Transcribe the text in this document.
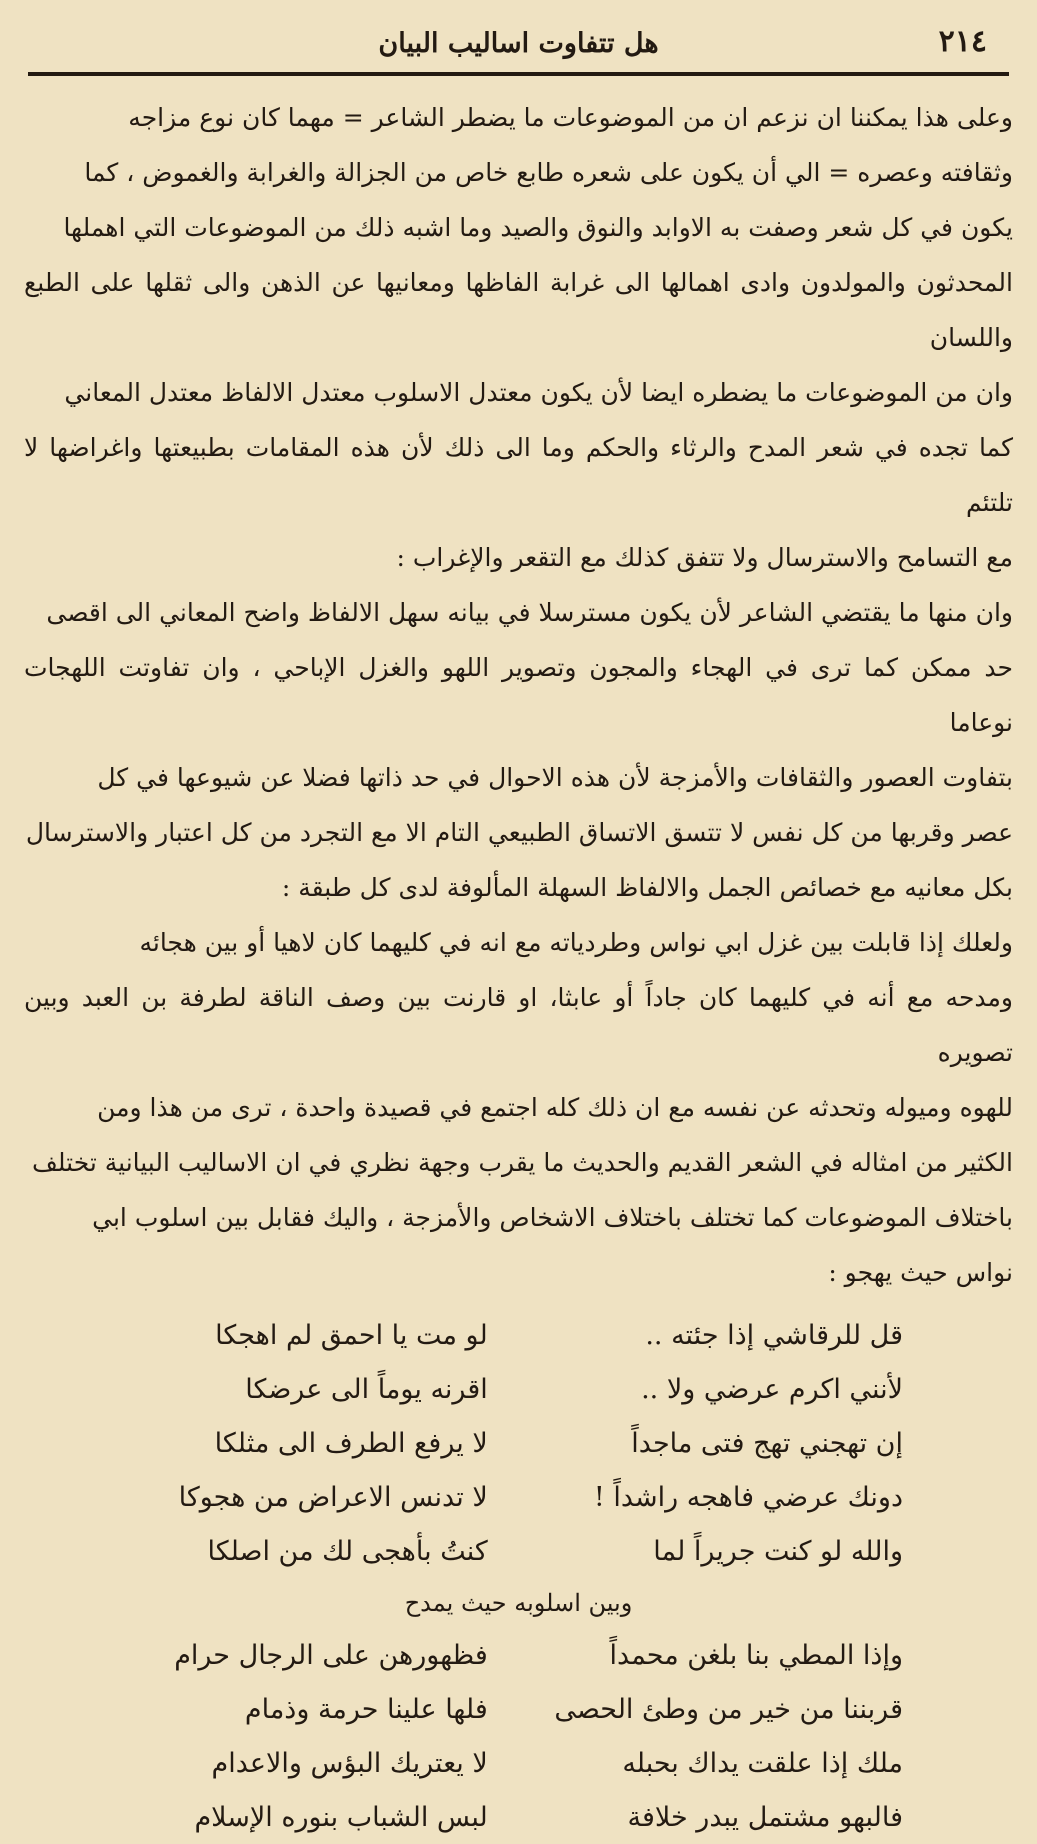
٢١٤
هل تتفاوت اساليب البيان

وعلى هذا يمكننا ان نزعم ان من الموضوعات ما يضطر الشاعر = مهما كان نوع مزاجه

وثقافته وعصره = الي أن يكون على شعره طابع خاص من الجزالة والغرابة والغموض ، كما

يكون في كل شعر وصفت به الاوابد والنوق والصيد وما اشبه ذلك من الموضوعات التي اهملها

المحدثون والمولدون وادى اهمالها الى غرابة الفاظها ومعانيها عن الذهن والى ثقلها على الطبع واللسان

وان من الموضوعات ما يضطره ايضا لأن يكون معتدل الاسلوب معتدل الالفاظ معتدل المعاني

كما تجده في شعر المدح والرثاء والحكم وما الى ذلك لأن هذه المقامات بطبيعتها واغراضها لا تلتئم

مع التسامح والاسترسال ولا تتفق كذلك مع التقعر والإغراب :

وان منها ما يقتضي الشاعر لأن يكون مسترسلا في بيانه سهل الالفاظ واضح المعاني الى اقصى

حد ممكن كما ترى في الهجاء والمجون وتصوير اللهو والغزل الإباحي ، وان تفاوتت اللهجات نوعاما

بتفاوت العصور والثقافات والأمزجة لأن هذه الاحوال في حد ذاتها فضلا عن شيوعها في كل

عصر وقربها من كل نفس لا تتسق الاتساق الطبيعي التام الا مع التجرد من كل اعتبار والاسترسال

بكل معانيه مع خصائص الجمل والالفاظ السهلة المألوفة لدى كل طبقة :

ولعلك إذا قابلت بين غزل ابي نواس وطردياته مع انه في كليهما كان لاهيا أو بين هجائه

ومدحه مع أنه في كليهما كان جاداً أو عابثا، او قارنت بين وصف الناقة لطرفة بن العبد وبين تصويره

للهوه وميوله وتحدثه عن نفسه مع ان ذلك كله اجتمع في قصيدة واحدة ، ترى من هذا ومن

الكثير من امثاله في الشعر القديم والحديث ما يقرب وجهة نظري في ان الاساليب البيانية تختلف

باختلاف الموضوعات كما تختلف باختلاف الاشخاص والأمزجة ، واليك فقابل بين اسلوب ابي

نواس حيث يهجو :

قل للرقاشي إذا جئته ..
لو مت يا احمق لم اهجكا
لأنني اكرم عرضي ولا ..
اقرنه يوماً الى عرضكا
إن تهجني تهج فتى ماجداً
لا يرفع الطرف الى مثلكا
دونك عرضي فاهجه راشداً !
لا تدنس الاعراض من هجوكا
والله لو كنت جريراً لما
كنتُ بأهجى لك من اصلكا
وبين اسلوبه حيث يمدح
وإذا المطي بنا بلغن محمداً
فظهورهن على الرجال حرام
قربننا من خير من وطئ الحصى
فلها علينا حرمة وذمام
ملك إذا علقت يداك بحبله
لا يعتريك البؤس والاعدام
فالبهو مشتمل يبدر خلافة
لبس الشباب بنوره الإسلام
